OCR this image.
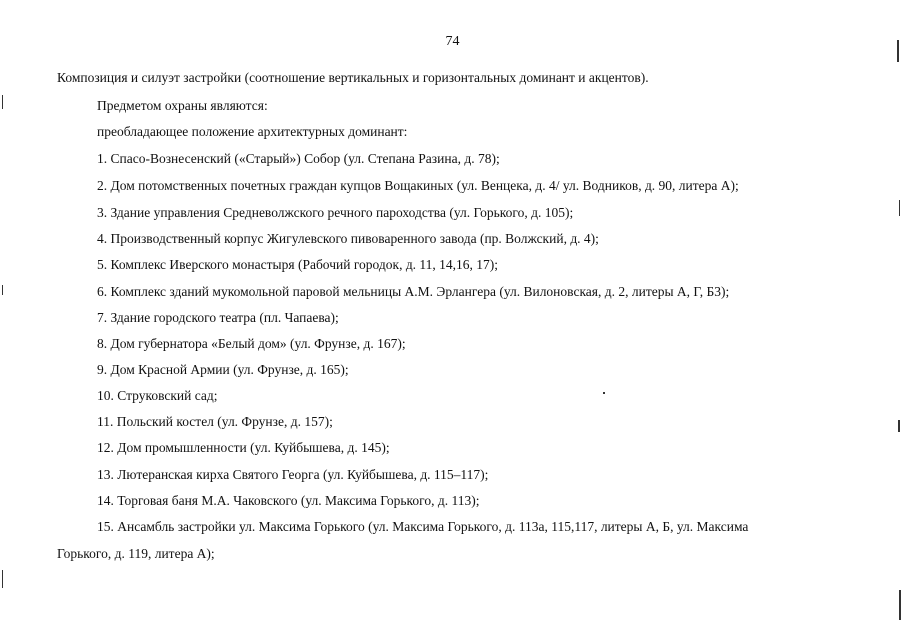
74
Композиция и силуэт застройки (соотношение вертикальных и горизонтальных доминант и акцентов).
Предметом охраны являются:
преобладающее положение архитектурных доминант:
1. Спасо-Вознесенский («Старый») Собор (ул. Степана Разина, д. 78);
2. Дом потомственных почетных граждан купцов Вощакиных (ул. Венцека, д. 4/ ул. Водников, д. 90, литера А);
3. Здание управления Средневолжского речного пароходства (ул. Горького, д. 105);
4. Производственный корпус Жигулевского пивоваренного завода (пр. Волжский, д. 4);
5. Комплекс Иверского монастыря (Рабочий городок, д. 11, 14,16, 17);
6. Комплекс зданий мукомольной паровой мельницы А.М. Эрлангера (ул. Вилоновская, д. 2, литеры А, Г, Б3);
7. Здание городского театра (пл. Чапаева);
8. Дом губернатора «Белый дом» (ул. Фрунзе, д. 167);
9. Дом Красной Армии (ул. Фрунзе, д. 165);
10. Струковский сад;
11. Польский костел (ул. Фрунзе, д. 157);
12. Дом промышленности (ул. Куйбышева, д. 145);
13. Лютеранская кирха Святого Георга (ул. Куйбышева, д. 115–117);
14. Торговая баня М.А. Чаковского (ул. Максима Горького, д. 113);
15. Ансамбль застройки ул. Максима Горького (ул. Максима Горького, д. 113а, 115,117, литеры А, Б, ул. Максима
Горького, д. 119, литера А);
